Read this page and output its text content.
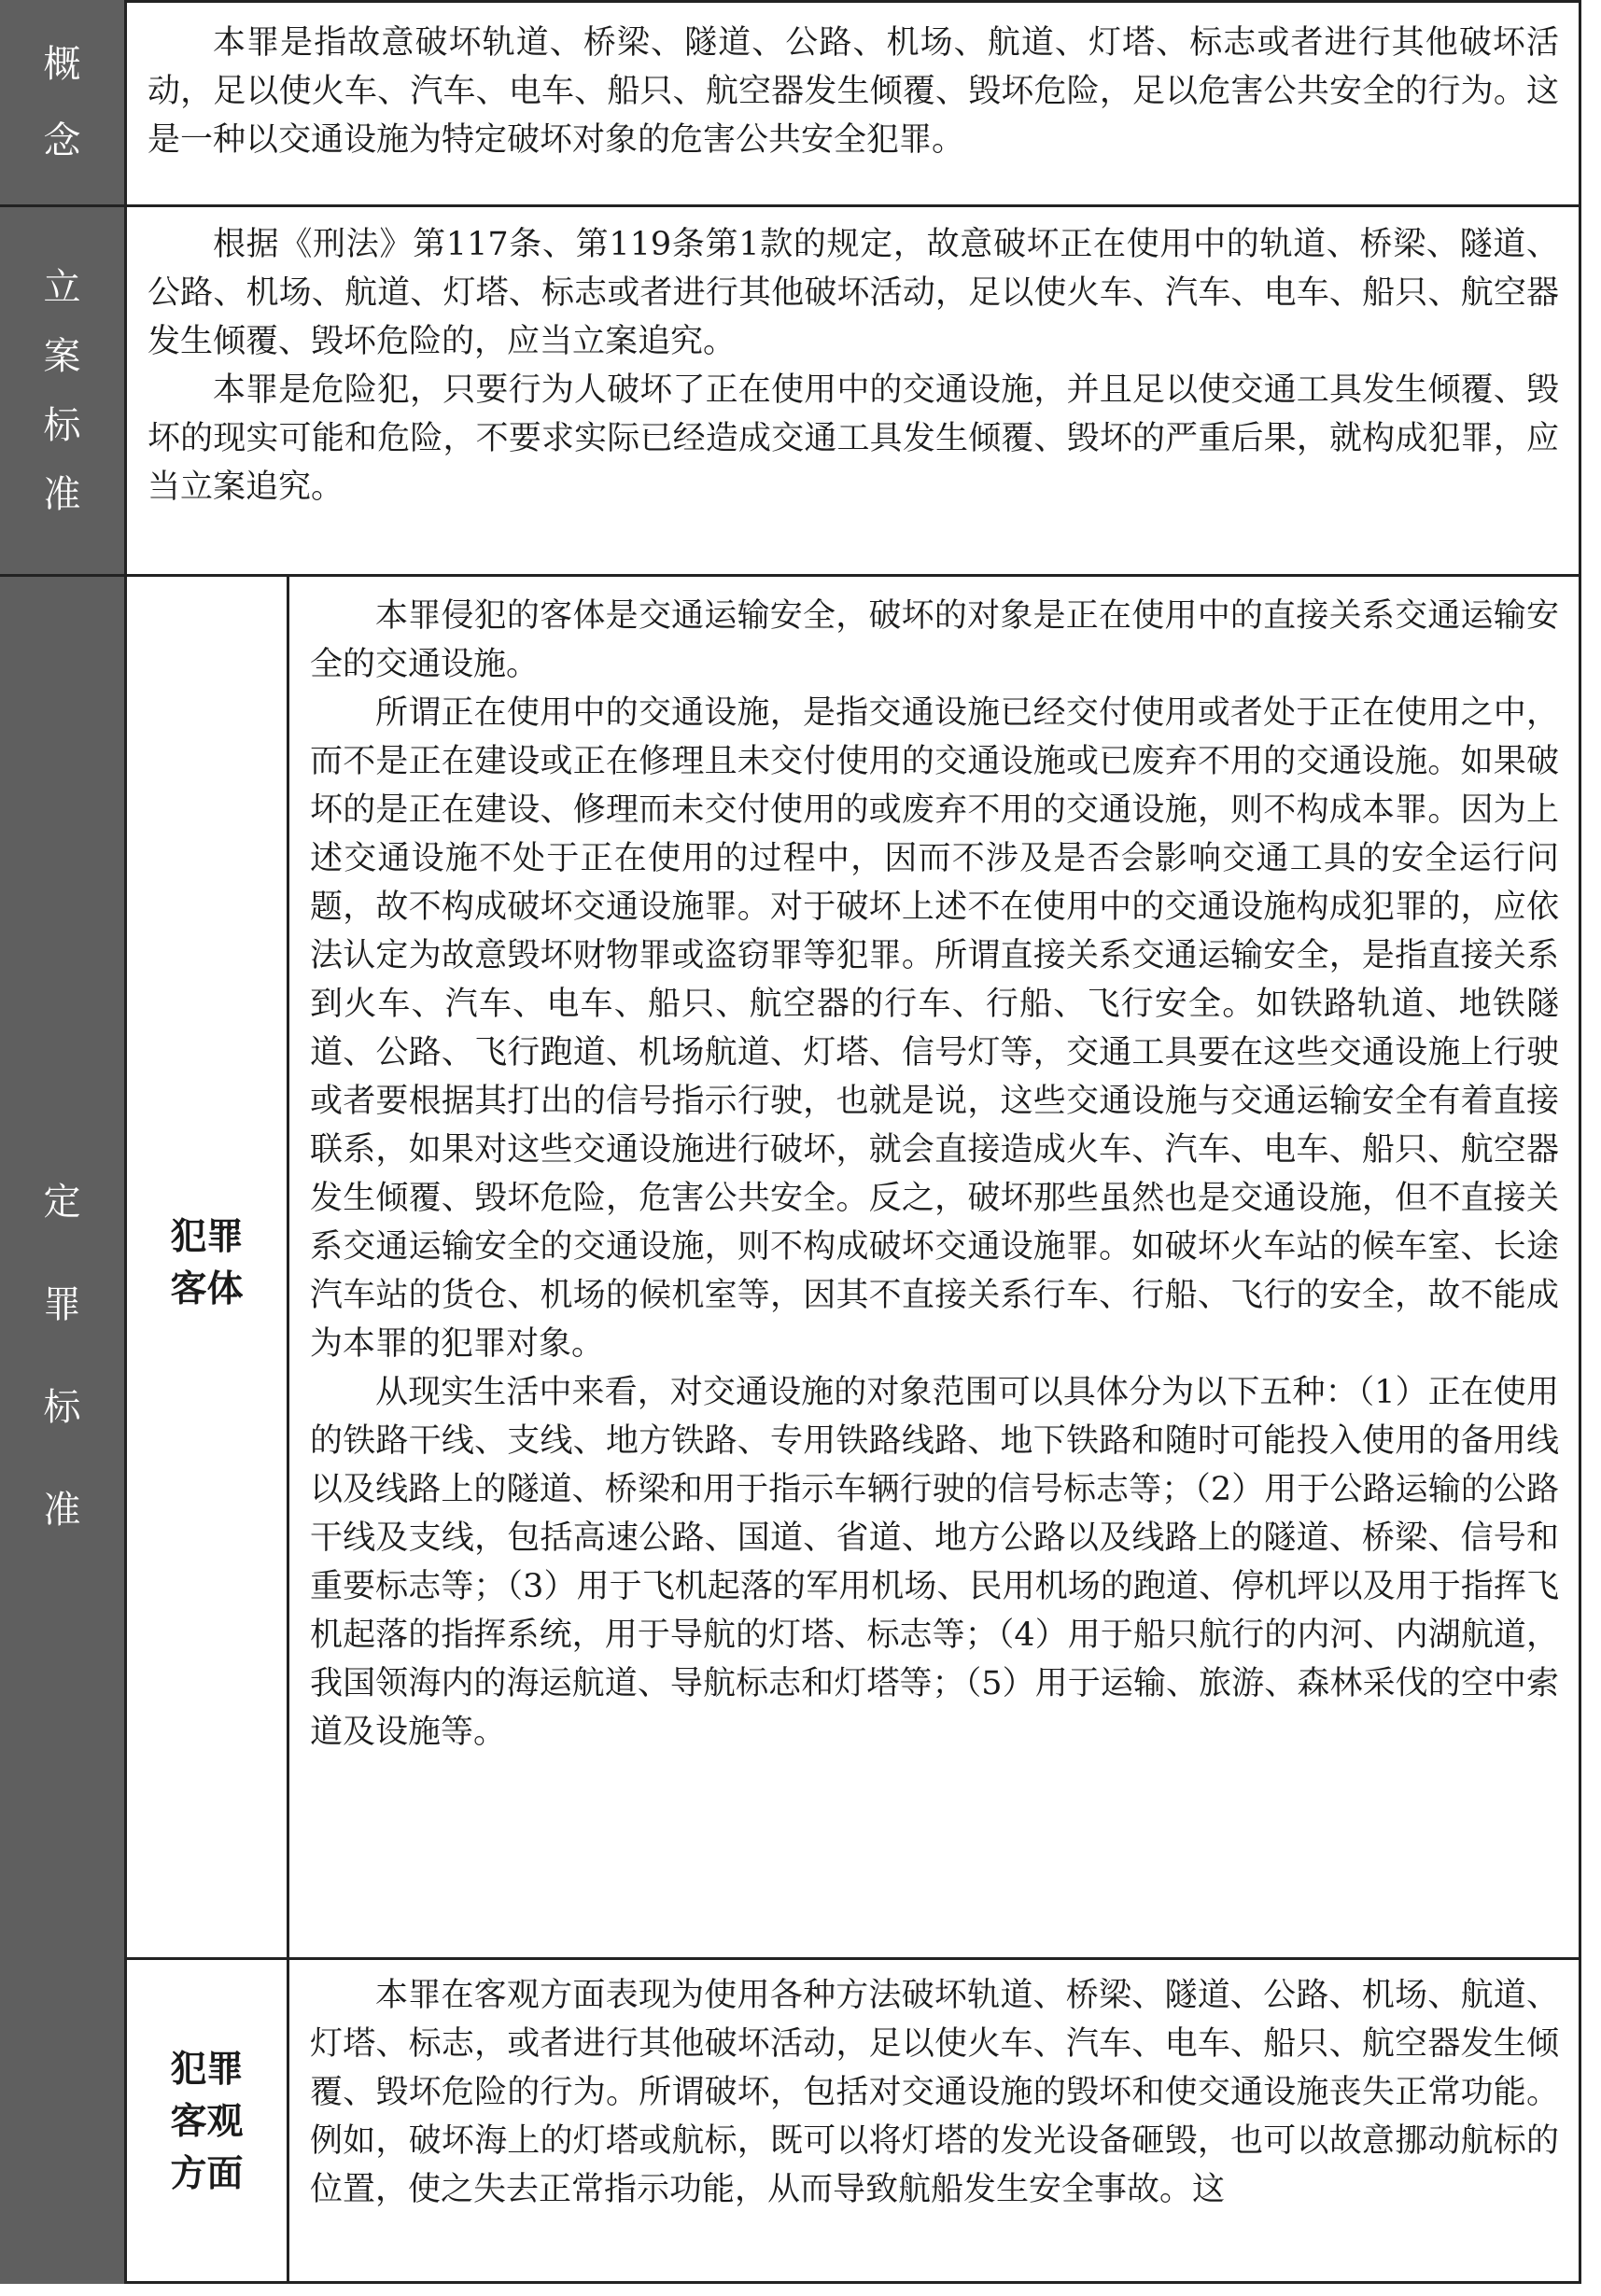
概
念

本罪是指故意破坏轨道、桥梁、隧道、公路、机场、航道、灯塔、标志或者进行其他破坏活动，足以使火车、汽车、电车、船只、航空器发生倾覆、毁坏危险，足以危害公共安全的行为。这是一种以交通设施为特定破坏对象的危害公共安全犯罪。

立
案
标
准

根据《刑法》第117条、第119条第1款的规定，故意破坏正在使用中的轨道、桥梁、隧道、公路、机场、航道、灯塔、标志或者进行其他破坏活动，足以使火车、汽车、电车、船只、航空器发生倾覆、毁坏危险的，应当立案追究。

本罪是危险犯，只要行为人破坏了正在使用中的交通设施，并且足以使交通工具发生倾覆、毁坏的现实可能和危险，不要求实际已经造成交通工具发生倾覆、毁坏的严重后果，就构成犯罪，应当立案追究。

定
罪
标
准
犯罪客体

本罪侵犯的客体是交通运输安全，破坏的对象是正在使用中的直接关系交通运输安全的交通设施。

所谓正在使用中的交通设施，是指交通设施已经交付使用或者处于正在使用之中，而不是正在建设或正在修理且未交付使用的交通设施或已废弃不用的交通设施。如果破坏的是正在建设、修理而未交付使用的或废弃不用的交通设施，则不构成本罪。因为上述交通设施不处于正在使用的过程中，因而不涉及是否会影响交通工具的安全运行问题，故不构成破坏交通设施罪。对于破坏上述不在使用中的交通设施构成犯罪的，应依法认定为故意毁坏财物罪或盗窃罪等犯罪。所谓直接关系交通运输安全，是指直接关系到火车、汽车、电车、船只、航空器的行车、行船、飞行安全。如铁路轨道、地铁隧道、公路、飞行跑道、机场航道、灯塔、信号灯等，交通工具要在这些交通设施上行驶或者要根据其打出的信号指示行驶，也就是说，这些交通设施与交通运输安全有着直接联系，如果对这些交通设施进行破坏，就会直接造成火车、汽车、电车、船只、航空器发生倾覆、毁坏危险，危害公共安全。反之，破坏那些虽然也是交通设施，但不直接关系交通运输安全的交通设施，则不构成破坏交通设施罪。如破坏火车站的候车室、长途汽车站的货仓、机场的候机室等，因其不直接关系行车、行船、飞行的安全，故不能成为本罪的犯罪对象。

从现实生活中来看，对交通设施的对象范围可以具体分为以下五种：（1）正在使用的铁路干线、支线、地方铁路、专用铁路线路、地下铁路和随时可能投入使用的备用线以及线路上的隧道、桥梁和用于指示车辆行驶的信号标志等；（2）用于公路运输的公路干线及支线，包括高速公路、国道、省道、地方公路以及线路上的隧道、桥梁、信号和重要标志等；（3）用于飞机起落的军用机场、民用机场的跑道、停机坪以及用于指挥飞机起落的指挥系统，用于导航的灯塔、标志等；（4）用于船只航行的内河、内湖航道，我国领海内的海运航道、导航标志和灯塔等；（5）用于运输、旅游、森林采伐的空中索道及设施等。

犯罪客观方面

本罪在客观方面表现为使用各种方法破坏轨道、桥梁、隧道、公路、机场、航道、灯塔、标志，或者进行其他破坏活动，足以使火车、汽车、电车、船只、航空器发生倾覆、毁坏危险的行为。所谓破坏，包括对交通设施的毁坏和使交通设施丧失正常功能。例如，破坏海上的灯塔或航标，既可以将灯塔的发光设备砸毁，也可以故意挪动航标的位置，使之失去正常指示功能，从而导致航船发生安全事故。这
